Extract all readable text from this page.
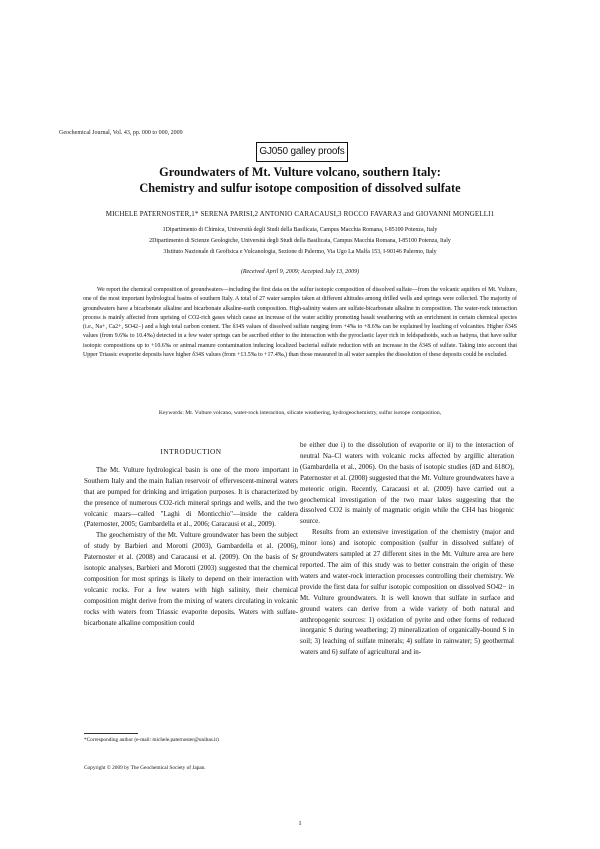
Geochemical Journal, Vol. 43, pp. 000 to 000, 2009
GJ050 galley proofs
Groundwaters of Mt. Vulture volcano, southern Italy:
Chemistry and sulfur isotope composition of dissolved sulfate
MICHELE PATERNOSTER,1* SERENA PARISI,2 ANTONIO CARACAUSI,3 ROCCO FAVARA3 and GIOVANNI MONGELLI1
1Dipartimento di Chimica, Università degli Studi della Basilicata, Campus Macchia Romana, I-85100 Potenza, Italy
2Dipartimento di Scienze Geologiche, Università degli Studi della Basilicata, Campus Macchia Romana, I-85100 Potenza, Italy
3Istituto Nazionale di Geofisica e Vulcanologia, Sezione di Palermo, Via Ugo La Malfa 153, I-90146 Palermo, Italy
(Received April 9, 2009; Accepted July 13, 2009)

We report the chemical composition of groundwaters—including the first data on the sulfur isotopic composition of dissolved sulfate—from the volcanic aquifers of Mt. Vulture, one of the most important hydrological basins of southern Italy. A total of 27 water samples taken at different altitudes among drilled wells and springs were collected. The majority of groundwaters have a bicarbonate alkaline and bicarbonate alkaline-earth composition. High-salinity waters are sulfate-bicarbonate alkaline in composition. The water-rock interaction process is mainly affected from uprising of CO2-rich gases which cause an increase of the water acidity promoting basalt weathering with an enrichment in certain chemical species (i.e., Na+, Ca2+, SO42−) and a high total carbon content. The δ34S values of dissolved sulfate ranging from +4‰ to +8.6‰ can be explained by leaching of volcanites. Higher δ34S values (from 9.6‰ to 10.4‰) detected in a few water springs can be ascribed either to the interaction with the pyroclastic layer rich in feldspathoids, such as haüyna, that have sulfur isotopic compositions up to +10.6‰ or animal manure contamination inducing localized bacterial sulfate reduction with an increase in the δ34S of sulfate. Taking into account that Upper Triassic evaporite deposits have higher δ34S values (from +13.5‰ to +17.4‰,) than those measured in all water samples the dissolution of these deposits could be excluded.

Keywords: Mt. Vulture volcano, water-rock interaction, silicate weathering, hydrogeochemistry, sulfur isotope composition,
INTRODUCTION

The Mt. Vulture hydrological basin is one of the more important in Southern Italy and the main Italian reservoir of effervescent-mineral waters that are pumped for drinking and irrigation purposes. It is characterized by the presence of numerous CO2-rich mineral springs and wells, and the two volcanic maars—called "Laghi di Monticchio"—inside the caldera (Paternoster, 2005; Gambardella et al., 2006; Caracausi et al., 2009).

The geochemistry of the Mt. Vulture groundwater has been the subject of study by Barbieri and Morotti (2003), Gambardella et al. (2006), Paternoster et al. (2008) and Caracausi et al. (2009). On the basis of Sr isotopic analyses, Barbieri and Morotti (2003) suggested that the chemical composition for most springs is likely to depend on their interaction with volcanic rocks. For a few waters with high salinity, their chemical composition might derive from the mixing of waters circulating in volcanic rocks with waters from Triassic evaporite deposits. Waters with sulfate-bicarbonate alkaline composition could

be either due i) to the dissolution of evaporite or ii) to the interaction of neutral Na–Cl waters with volcanic rocks affected by argillic alteration (Gambardella et al., 2006). On the basis of isotopic studies (δD and δ18O), Paternoster et al. (2008) suggested that the Mt. Vulture groundwaters have a meteoric origin. Recently, Caracausi et al. (2009) have carried out a geochemical investigation of the two maar lakes suggesting that the dissolved CO2 is mainly of magmatic origin while the CH4 has biogenic source.

Results from an extensive investigation of the chemistry (major and minor ions) and isotopic composition (sulfur in dissolved sulfate) of groundwaters sampled at 27 different sites in the Mt. Vulture area are here reported. The aim of this study was to better constrain the origin of these waters and water-rock interaction processes controlling their chemistry. We provide the first data for sulfur isotopic composition on dissolved SO42− in Mt. Vulture groundwaters. It is well known that sulfate in surface and ground waters can derive from a wide variety of both natural and anthropogenic sources: 1) oxidation of pyrite and other forms of reduced inorganic S during weathering; 2) mineralization of organically-bound S in soil; 3) leaching of sulfate minerals; 4) sulfate in rainwater; 5) geothermal waters and 6) sulfate of agricultural and in-

*Corresponding author (e-mail: michele.paternoster@unibas.it)
Copyright © 2009 by The Geochemical Society of Japan.
1
